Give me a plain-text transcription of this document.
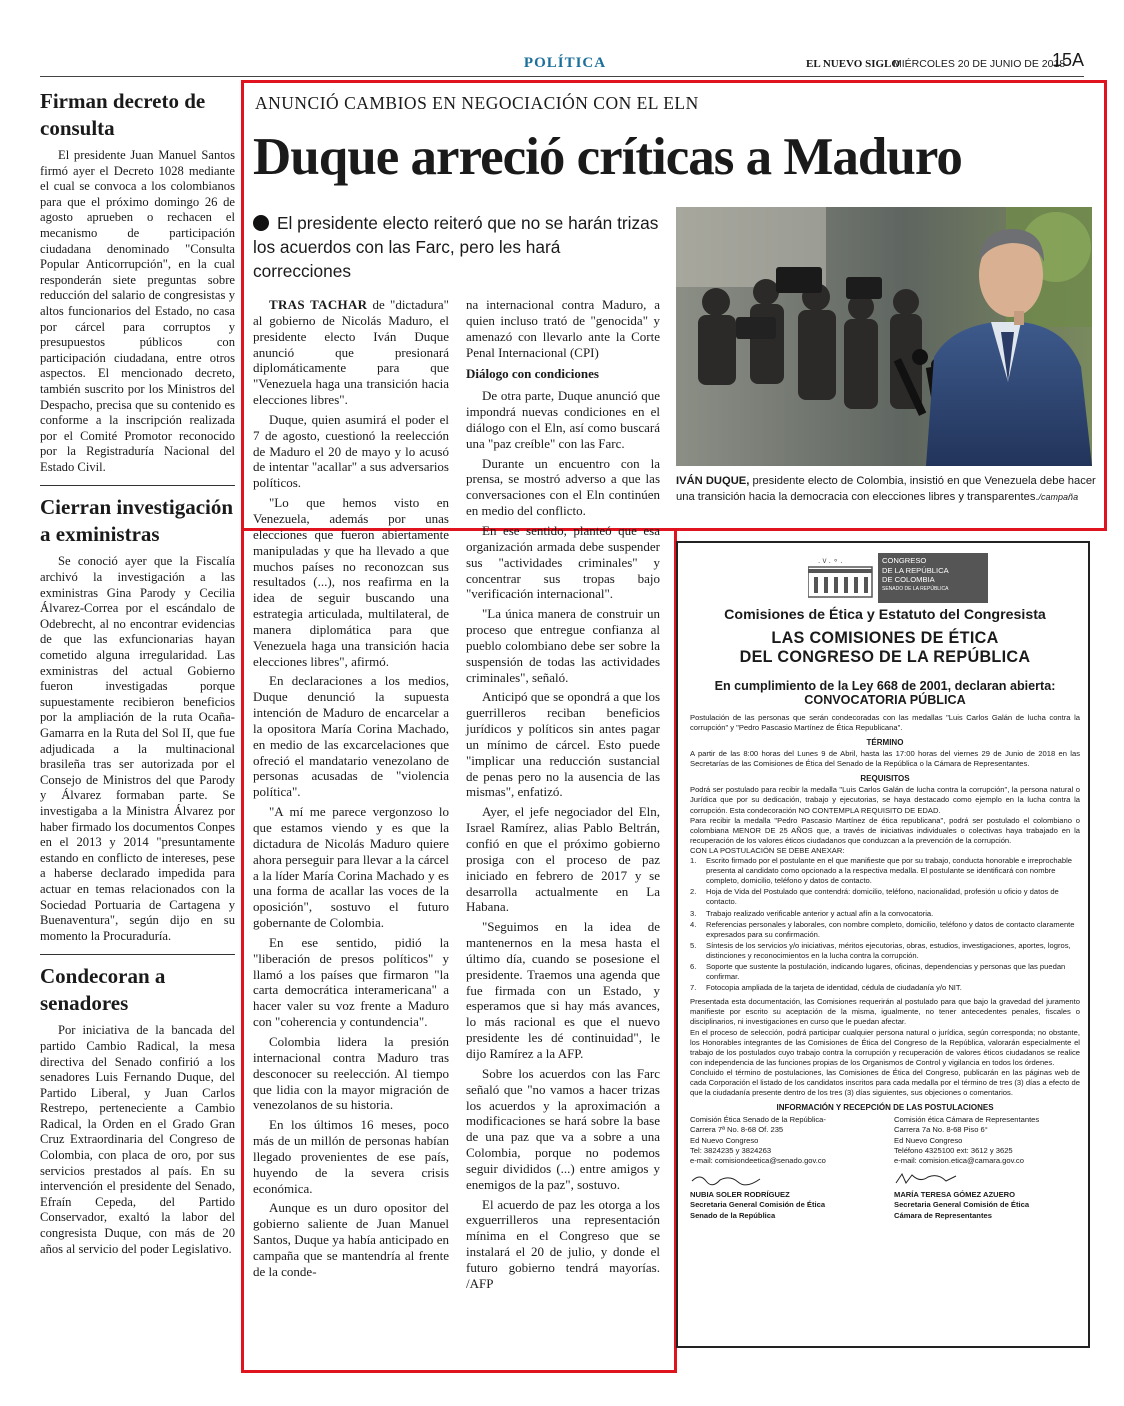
POLÍTICA	EL NUEVO SIGLO
MIÉRCOLES 20 DE JUNIO DE 2018
15A
Firman decreto de consulta
El presidente Juan Manuel Santos firmó ayer el Decreto 1028 mediante el cual se convoca a los colombianos para que el próximo domingo 26 de agosto aprueben o rechacen el mecanismo de participación ciudadana denominado "Consulta Popular Anticorrupción", en la cual responderán siete preguntas sobre reducción del salario de congresistas y altos funcionarios del Estado, no casa por cárcel para corruptos y presupuestos públicos con participación ciudadana, entre otros aspectos. El mencionado decreto, también suscrito por los Ministros del Despacho, precisa que su contenido es conforme a la inscripción realizada por el Comité Promotor reconocido por la Registraduría Nacional del Estado Civil.
Cierran investigación a exministras
Se conoció ayer que la Fiscalía archivó la investigación a las exministras Gina Parody y Cecilia Álvarez-Correa por el escándalo de Odebrecht, al no encontrar evidencias de que las exfuncionarias hayan cometido alguna irregularidad. Las exministras del actual Gobierno fueron investigadas porque supuestamente recibieron beneficios por la ampliación de la ruta Ocaña-Gamarra en la Ruta del Sol II, que fue adjudicada a la multinacional brasileña tras ser autorizada por el Consejo de Ministros del que Parody y Álvarez formaban parte. Se investigaba a la Ministra Álvarez por haber firmado los documentos Conpes en el 2013 y 2014 "presuntamente estando en conflicto de intereses, pese a haberse declarado impedida para actuar en temas relacionados con la Sociedad Portuaria de Cartagena y Buenaventura", según dijo en su momento la Procuraduría.
Condecoran a senadores
Por iniciativa de la bancada del partido Cambio Radical, la mesa directiva del Senado confirió a los senadores Luis Fernando Duque, del Partido Liberal, y Juan Carlos Restrepo, perteneciente a Cambio Radical, la Orden en el Grado Gran Cruz Extraordinaria del Congreso de Colombia, con placa de oro, por sus servicios prestados al país. En su intervención el presidente del Senado, Efraín Cepeda, del Partido Conservador, exaltó la labor del congresista Duque, con más de 20 años al servicio del poder Legislativo.
ANUNCIÓ CAMBIOS EN NEGOCIACIÓN CON EL ELN
Duque arreció críticas a Maduro
El presidente electo reiteró que no se harán trizas los acuerdos con las Farc, pero les hará correcciones

TRAS TACHAR de "dictadura" al gobierno de Nicolás Maduro, el presidente electo Iván Duque anunció que presionará diplomáticamente para que "Venezuela haga una transición hacia elecciones libres".

Duque, quien asumirá el poder el 7 de agosto, cuestionó la reelección de Maduro el 20 de mayo y lo acusó de intentar "acallar" a sus adversarios políticos.

"Lo que hemos visto en Venezuela, además por unas elecciones que fueron abiertamente manipuladas y que ha llevado a que muchos países no reconozcan sus resultados (...), nos reafirma en la idea de seguir buscando una estrategia articulada, multilateral, de manera diplomática para que Venezuela haga una transición hacia elecciones libres", afirmó.

En declaraciones a los medios, Duque denunció la supuesta intención de Maduro de encarcelar a la opositora María Corina Machado, en medio de las excarcelaciones que ofreció el mandatario venezolano de personas acusadas de "violencia política".

"A mí me parece vergonzoso lo que estamos viendo y es que la dictadura de Nicolás Maduro quiere ahora perseguir para llevar a la cárcel a la líder María Corina Machado y es una forma de acallar las voces de la oposición", sostuvo el futuro gobernante de Colombia.

En ese sentido, pidió la "liberación de presos políticos" y llamó a los países que firmaron "la carta democrática interamericana" a hacer valer su voz frente a Maduro con "coherencia y contundencia".

Colombia lidera la presión internacional contra Maduro tras desconocer su reelección. Al tiempo que lidia con la mayor migración de venezolanos de su historia.

En los últimos 16 meses, poco más de un millón de personas habían llegado provenientes de ese país, huyendo de la severa crisis económica.

Aunque es un duro opositor del gobierno saliente de Juan Manuel Santos, Duque ya había anticipado en campaña que se mantendría al frente de la conde-

na internacional contra Maduro, a quien incluso trató de "genocida" y amenazó con llevarlo ante la Corte Penal Internacional (CPI)

Diálogo con condiciones

De otra parte, Duque anunció que impondrá nuevas condiciones en el diálogo con el Eln, así como buscará una "paz creíble" con las Farc.

Durante un encuentro con la prensa, se mostró adverso a que las conversaciones con el Eln continúen en medio del conflicto.

En ese sentido, planteó que esa organización armada debe suspender sus "actividades criminales" y concentrar sus tropas bajo "verificación internacional".

"La única manera de construir un proceso que entregue confianza al pueblo colombiano debe ser sobre la suspensión de todas las actividades criminales", señaló.

Anticipó que se opondrá a que los guerrilleros reciban beneficios jurídicos y políticos sin antes pagar un mínimo de cárcel. Esto puede "implicar una reducción sustancial de penas pero no la ausencia de las mismas", enfatizó.

Ayer, el jefe negociador del Eln, Israel Ramírez, alias Pablo Beltrán, confió en que el próximo gobierno prosiga con el proceso de paz iniciado en febrero de 2017 y se desarrolla actualmente en La Habana.

"Seguimos en la idea de mantenernos en la mesa hasta el último día, cuando se posesione el presidente. Traemos una agenda que fue firmada con un Estado, y esperamos que si hay más avances, lo más racional es que el nuevo presidente les dé continuidad", le dijo Ramírez a la AFP.

Sobre los acuerdos con las Farc señaló que "no vamos a hacer trizas los acuerdos y la aproximación a modificaciones se hará sobre la base de una paz que va a sobre a una Colombia, porque no podemos seguir divididos (...) entre amigos y enemigos de la paz", sostuvo.

El acuerdo de paz les otorga a los exguerrilleros una representación mínima en el Congreso que se instalará el 20 de julio, y donde el futuro gobierno tendrá mayorías. /AFP

IVÁN DUQUE, presidente electo de Colombia, insistió en que Venezuela debe hacer una transición hacia la democracia con elecciones libres y transparentes./campaña
. v . ∘ .	CONGRESO
DE LA REPÚBLICA
DE COLOMBIA
SENADO DE LA REPÚBLICA
Comisiones de Ética y Estatuto del Congresista
LAS COMISIONES DE ÉTICA
DEL CONGRESO DE LA REPÚBLICA
En cumplimiento de la Ley 668 de 2001, declaran abierta:
CONVOCATORIA PÚBLICA
Postulación de las personas que serán condecoradas con las medallas "Luis Carlos Galán de lucha contra la corrupción" y "Pedro Pascasio Martínez de Ética Republicana".
TÉRMINO
A partir de las 8:00 horas del Lunes 9 de Abril, hasta las 17:00 horas del viernes 29 de Junio de 2018 en las Secretarías de las Comisiones de Ética del Senado de la República o la Cámara de Representantes.
REQUISITOS
Podrá ser postulado para recibir la medalla "Luis Carlos Galán de lucha contra la corrupción", la persona natural o Jurídica que por su dedicación, trabajo y ejecutorias, se haya destacado como ejemplo en la lucha contra la corrupción. Esta condecoración NO CONTEMPLA REQUISITO DE EDAD.
Para recibir la medalla "Pedro Pascasio Martínez de ética republicana", podrá ser postulado el colombiano o colombiana MENOR DE 25 AÑOS que, a través de iniciativas individuales o colectivas haya trabajado en la recuperación de los valores éticos ciudadanos que conduzcan a la prevención de la corrupción.
CON LA POSTULACIÓN SE DEBE ANEXAR:
1.	Escrito firmado por el postulante en el que manifieste que por su trabajo, conducta honorable e irreprochable presenta al candidato como opcionado a la respectiva medalla. El postulante se identificará con nombre completo, domicilio, teléfono y datos de contacto.
2.	Hoja de Vida del Postulado que contendrá: domicilio, teléfono, nacionalidad, profesión u oficio y datos de contacto.
3.	Trabajo realizado verificable anterior y actual afín a la convocatoria.
4.	Referencias personales y laborales, con nombre completo, domicilio, teléfono y datos de contacto claramente expresados para su confirmación.
5.	Síntesis de los servicios y/o iniciativas, méritos ejecutorias, obras, estudios, investigaciones, aportes, logros, distinciones y reconocimientos en la lucha contra la corrupción.
6.	Soporte que sustente la postulación, indicando lugares, oficinas, dependencias y personas que las puedan confirmar.
7.	Fotocopia ampliada de la tarjeta de identidad, cédula de ciudadanía y/o NIT.
Presentada esta documentación, las Comisiones requerirán al postulado para que bajo la gravedad del juramento manifieste por escrito su aceptación de la misma, igualmente, no tener antecedentes penales, fiscales o disciplinarios, ni investigaciones en curso que le puedan afectar.
En el proceso de selección, podrá participar cualquier persona natural o jurídica, según corresponda; no obstante, los Honorables integrantes de las Comisiones de Ética del Congreso de la República, valorarán especialmente el trabajo de los postulados cuyo trabajo contra la corrupción y recuperación de valores éticos ciudadanos se realice con independencia de las funciones propias de los Organismos de Control y vigilancia en todos los órdenes.
Concluido el término de postulaciones, las Comisiones de Ética del Congreso, publicarán en las páginas web de cada Corporación el listado de los candidatos inscritos para cada medalla por el término de tres (3) días a efecto de que la ciudadanía presente dentro de los tres (3) días siguientes, sus objeciones o comentarios.
INFORMACIÓN Y RECEPCIÓN DE LAS POSTULACIONES
Comisión Ética Senado de la República-
Carrera 7ª No. 8-68 Of. 235
Ed Nuevo Congreso
Tel: 3824235 y 3824263
e-mail: comisiondeetica@senado.gov.co
Comisión ética Cámara de Representantes
Carrera 7a No. 8-68 Piso 6°
Ed Nuevo Congreso
Teléfono 4325100 ext: 3612 y 3625
e-mail: comision.etica@camara.gov.co
NUBIA SOLER RODRÍGUEZ
Secretaria General Comisión de Ética
Senado de la República
MARÍA TERESA GÓMEZ AZUERO
Secretaria General Comisión de Ética
Cámara de Representantes
